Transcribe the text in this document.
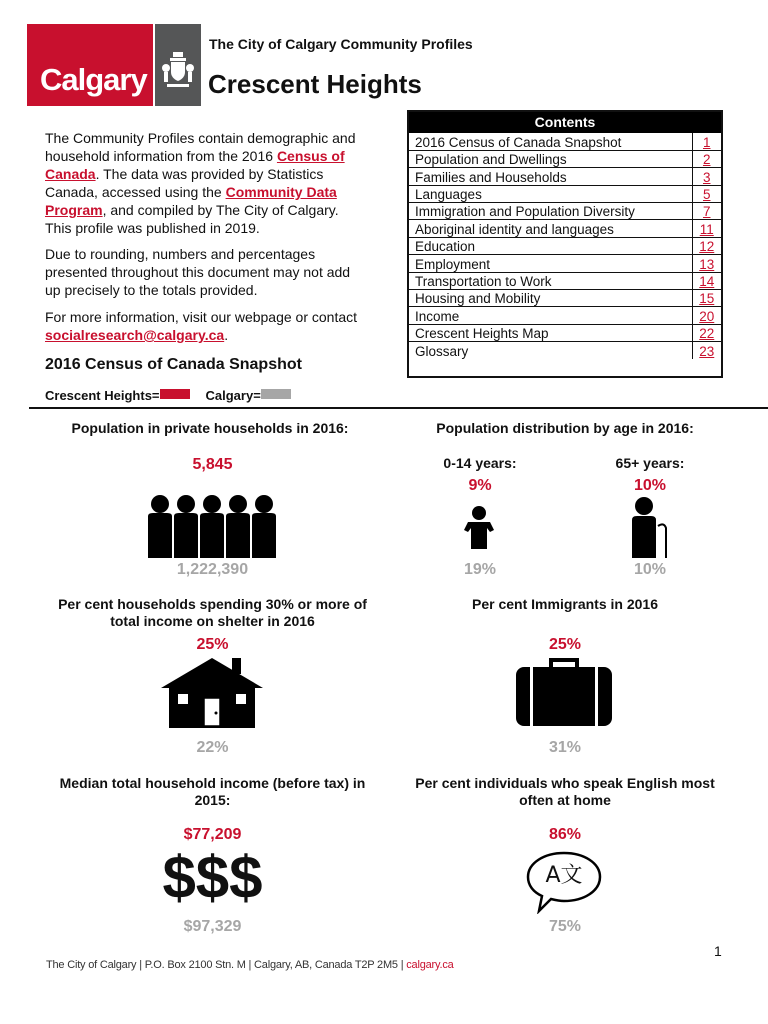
Calgary
The City of Calgary Community Profiles
Crescent Heights
The Community Profiles contain demographic and household information from the 2016 Census of Canada. The data was provided by Statistics Canada, accessed using the Community Data Program, and compiled by The City of Calgary. This profile was published in 2019.
Due to rounding, numbers and percentages presented throughout this document may not add up precisely to the totals provided.
For more information, visit our webpage or contact socialresearch@calgary.ca.
Contents
2016 Census of Canada Snapshot	1
Population and Dwellings	2
Families and Households	3
Languages	5
Immigration and Population Diversity	7
Aboriginal identity and languages	11
Education	12
Employment	13
Transportation to Work	14
Housing and Mobility	15
Income	20
Crescent Heights Map	22
Glossary	23
2016 Census of Canada Snapshot
Crescent Heights=	Calgary=
Population in private households in 2016:
5,845
1,222,390
Population distribution by age in 2016:
0-14 years:	65+ years:
9%	10%
19%	10%
Per cent households spending 30% or more of
total income on shelter in 2016
25%
22%
Per cent Immigrants in 2016
25%
31%
Median total household income (before tax) in
2015:
$77,209
$$$
$97,329
Per cent individuals who speak English most
often at home
86%
A文
75%
1
The City of Calgary | P.O. Box 2100 Stn. M | Calgary, AB, Canada T2P 2M5 | calgary.ca
